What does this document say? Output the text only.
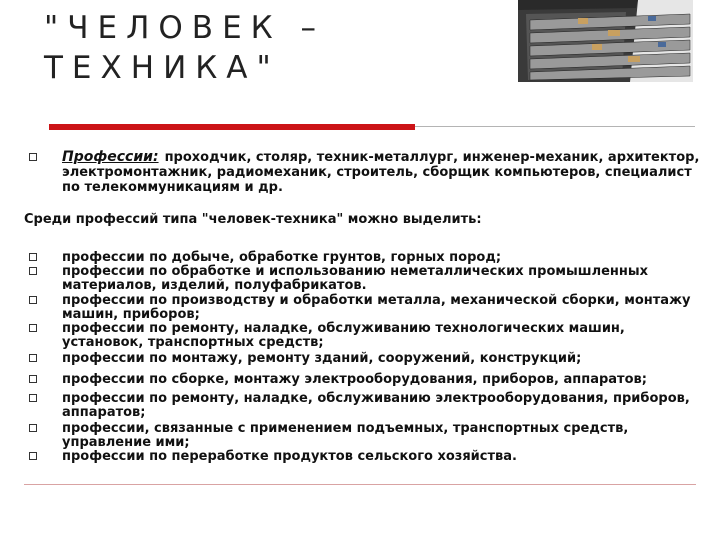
"ЧЕЛОВЕК –
ТЕХНИКА"
Профессии: проходчик, столяр, техник-металлург, инженер-механик, архитектор, электромонтажник, радиомеханик, строитель, сборщик компьютеров, специалист по телекоммуникациям и др.
Среди профессий типа "человек-техника" можно выделить:
профессии по добыче, обработке грунтов, горных пород;
профессии по обработке и использованию неметаллических промышленных материалов, изделий, полуфабрикатов.
профессии по производству и обработки металла, механической сборки, монтажу машин, приборов;
профессии по ремонту, наладке, обслуживанию технологических машин, установок, транспортных средств;
профессии по монтажу, ремонту зданий, сооружений, конструкций;
профессии по сборке, монтажу электрооборудования, приборов, аппаратов;
профессии по ремонту, наладке, обслуживанию электрооборудования, приборов, аппаратов;
профессии, связанные с применением подъемных, транспортных средств, управление ими;
профессии по переработке продуктов сельского хозяйства.
